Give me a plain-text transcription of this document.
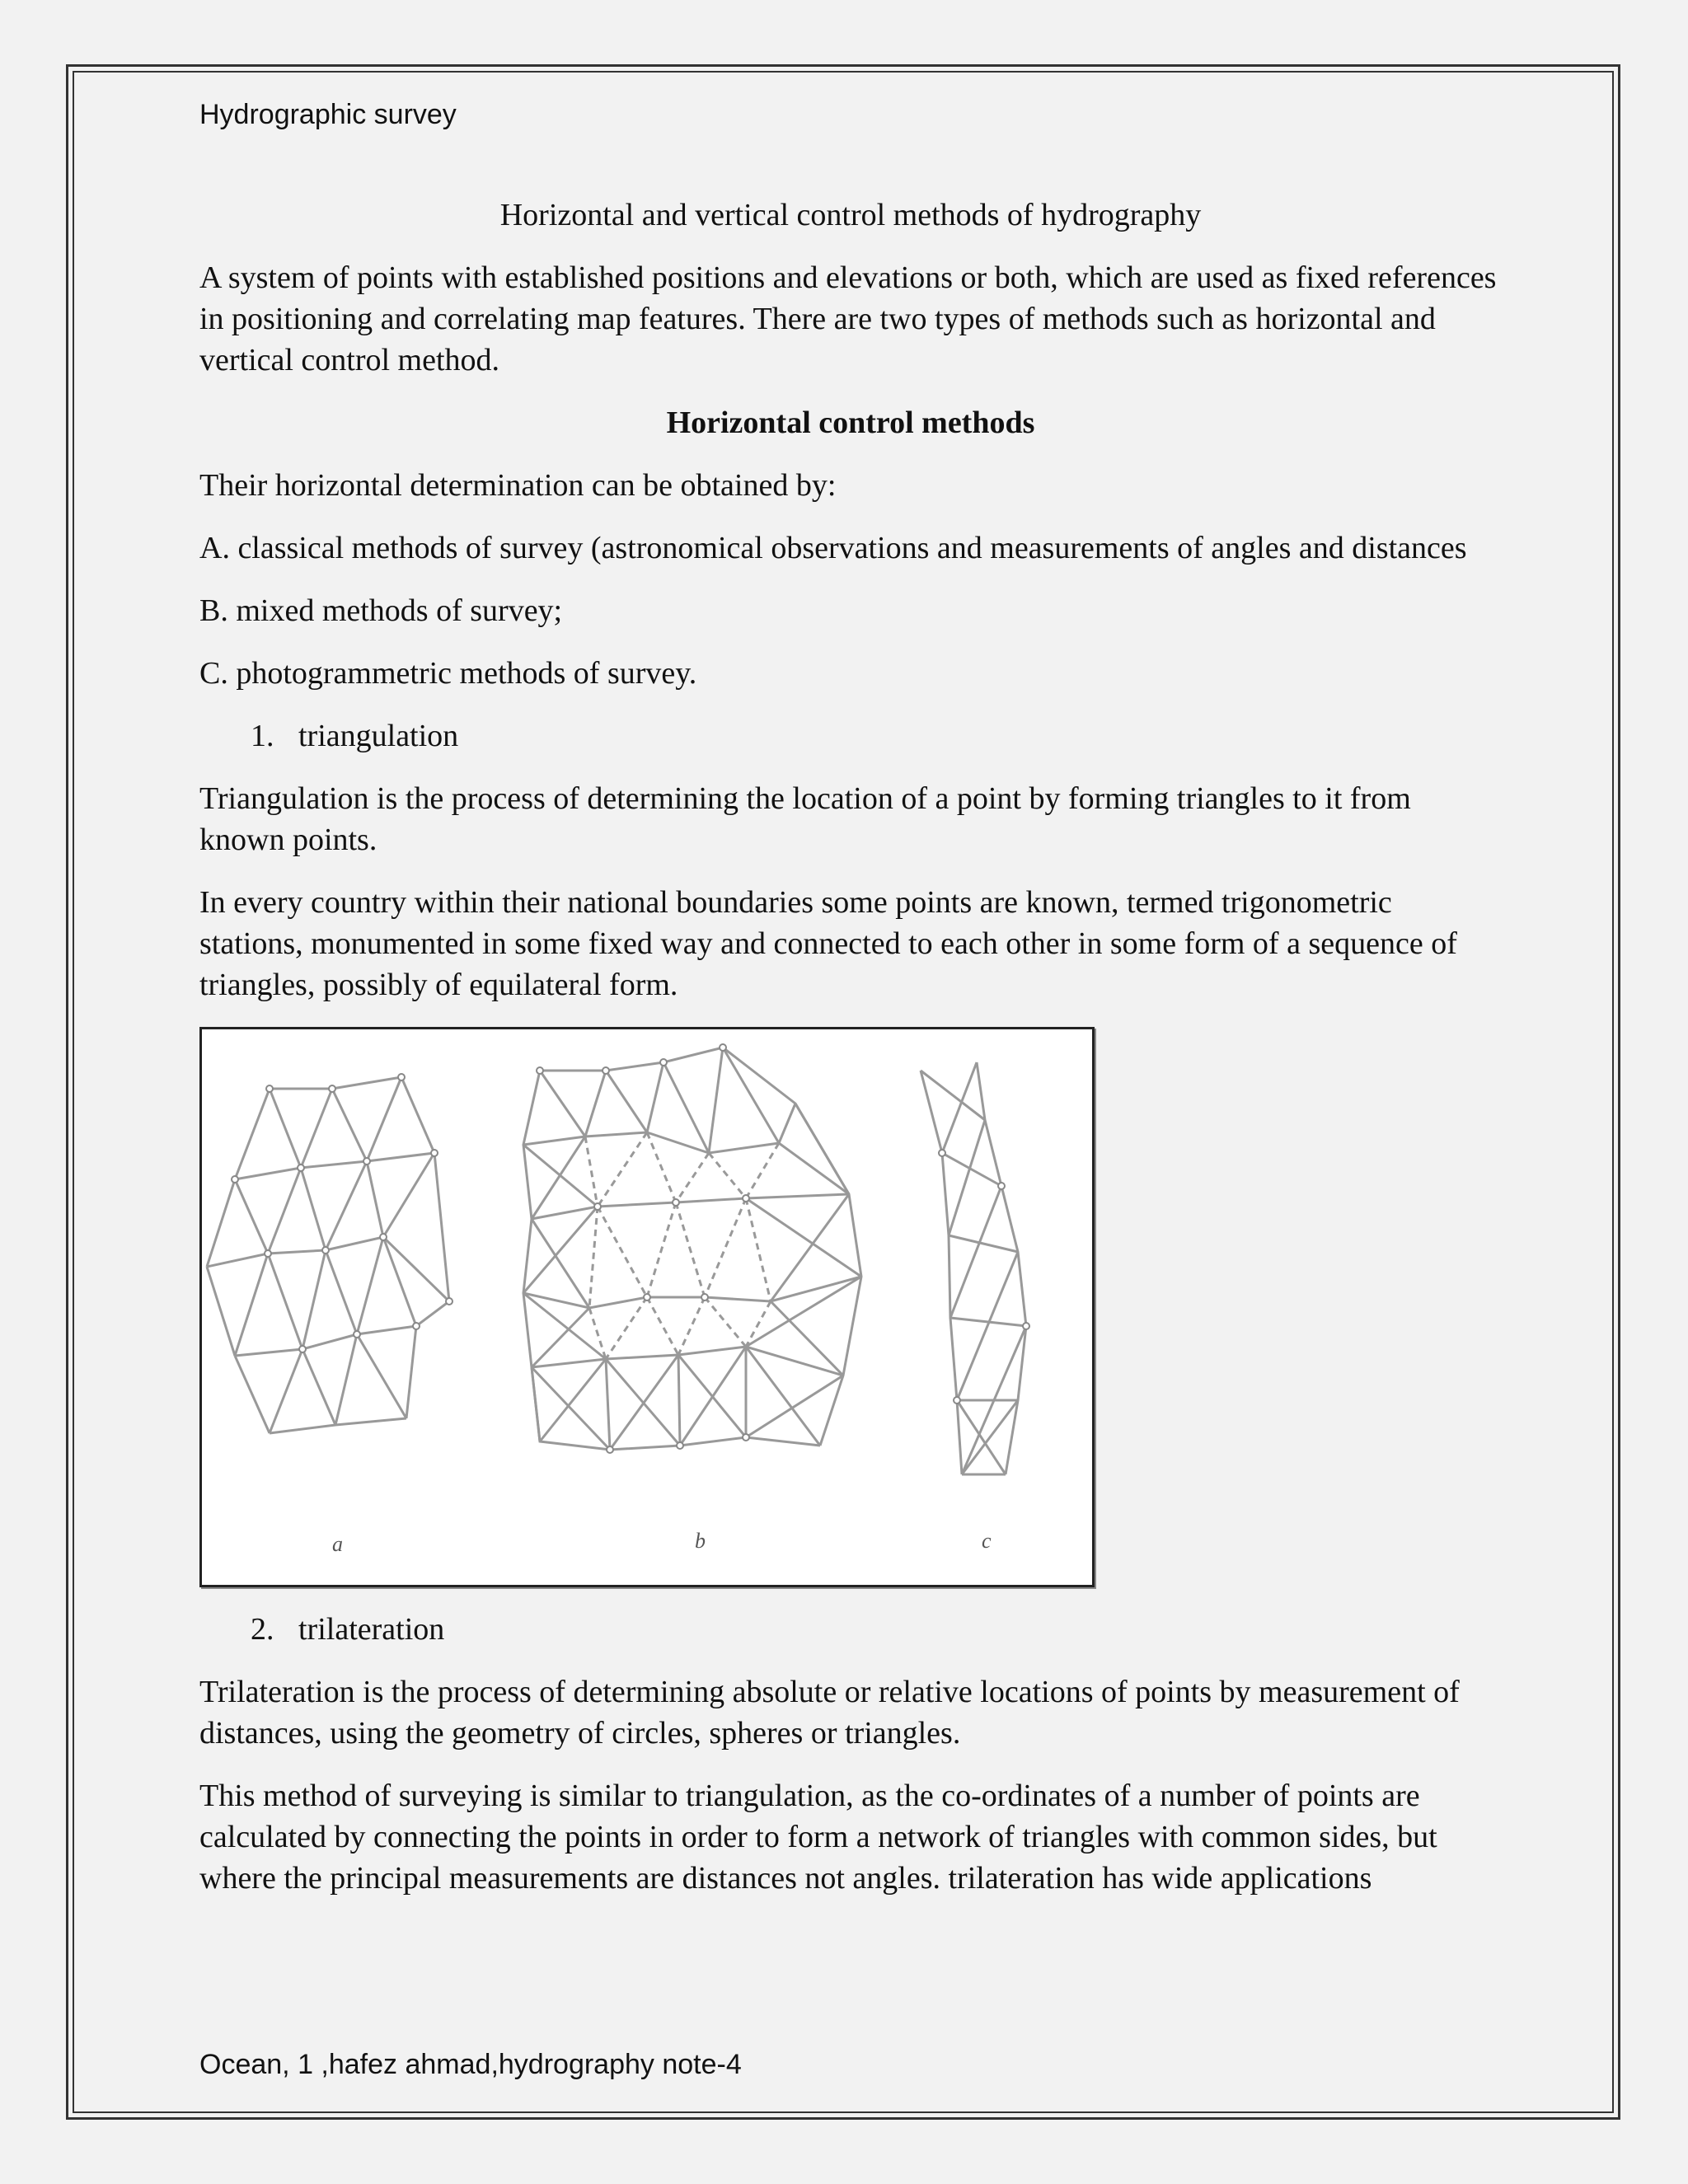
Hydrographic survey

Horizontal and vertical control methods of hydrography

A system of points with established positions and elevations or both, which are used as fixed references in positioning and correlating map features. There are two types of methods such as horizontal and vertical control method.

Horizontal control methods

Their horizontal determination can be obtained by:

A. classical methods of survey (astronomical observations and measurements of angles and distances

B. mixed methods of survey;

C. photogrammetric methods of survey.

1. triangulation

Triangulation is the process of determining the location of a point by forming triangles to it from known points.

In every country within their national boundaries some points are known, termed trigonometric stations, monumented in some fixed way and connected to each other in some form of a sequence of triangles, possibly of equilateral form.

a	b	c

2. trilateration

Trilateration is the process of determining absolute or relative locations of points by measurement of distances, using the geometry of circles, spheres or triangles.

This method of surveying is similar to triangulation, as the co-ordinates of a number of points are calculated by connecting the points in order to form a network of triangles with common sides, but where the principal measurements are distances not angles. trilateration has wide applications

Ocean, 1 ,hafez ahmad,hydrography note-4
